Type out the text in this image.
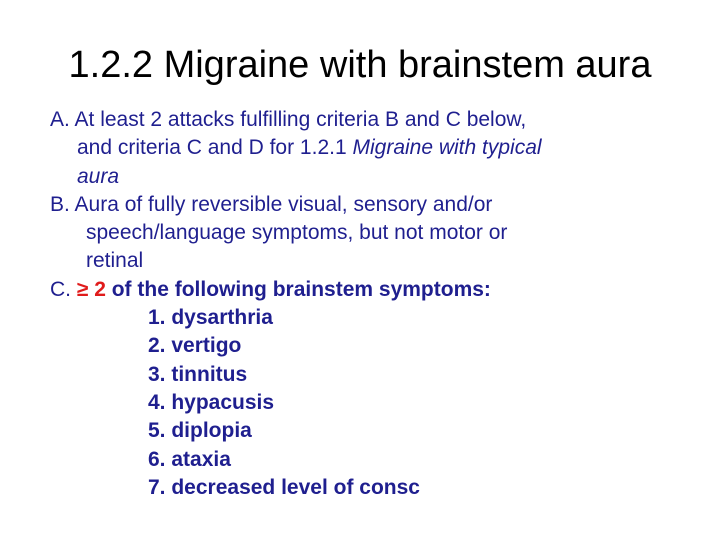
1.2.2 Migraine with brainstem aura
A. At least 2 attacks fulfilling criteria B and C below,
and criteria C and D for 1.2.1 Migraine with typical
aura
B. Aura of fully reversible visual, sensory and/or
speech/language symptoms, but not motor or
retinal
C. ≥ 2 of the following brainstem symptoms:
1. dysarthria
2. vertigo
3. tinnitus
4. hypacusis
5. diplopia
6. ataxia
7. decreased level of consc
